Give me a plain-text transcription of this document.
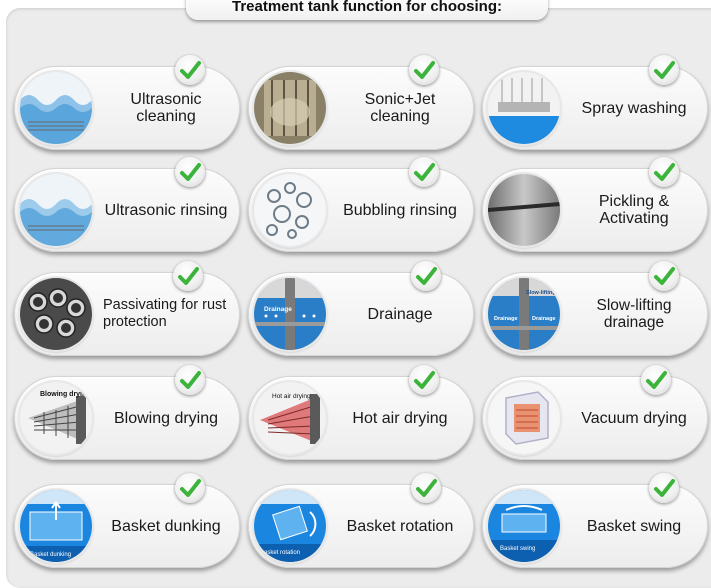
Treatment tank function for choosing:
Ultrasonic cleaning
Sonic+Jet cleaning	Spray washing
Ultrasonic rinsing	Bubbling rinsing	Pickling & Activating
Passivating for rust protection
Drainage	Drainage
Slow-lifting
Drainage	Drainage
Slow-lifting drainage
Blowing drying
Blowing drying
Hot air drying
Hot air drying	Vacuum drying
Basket dunking
Basket dunking
Basket rotation
Basket rotation
Basket swing
Basket swing
